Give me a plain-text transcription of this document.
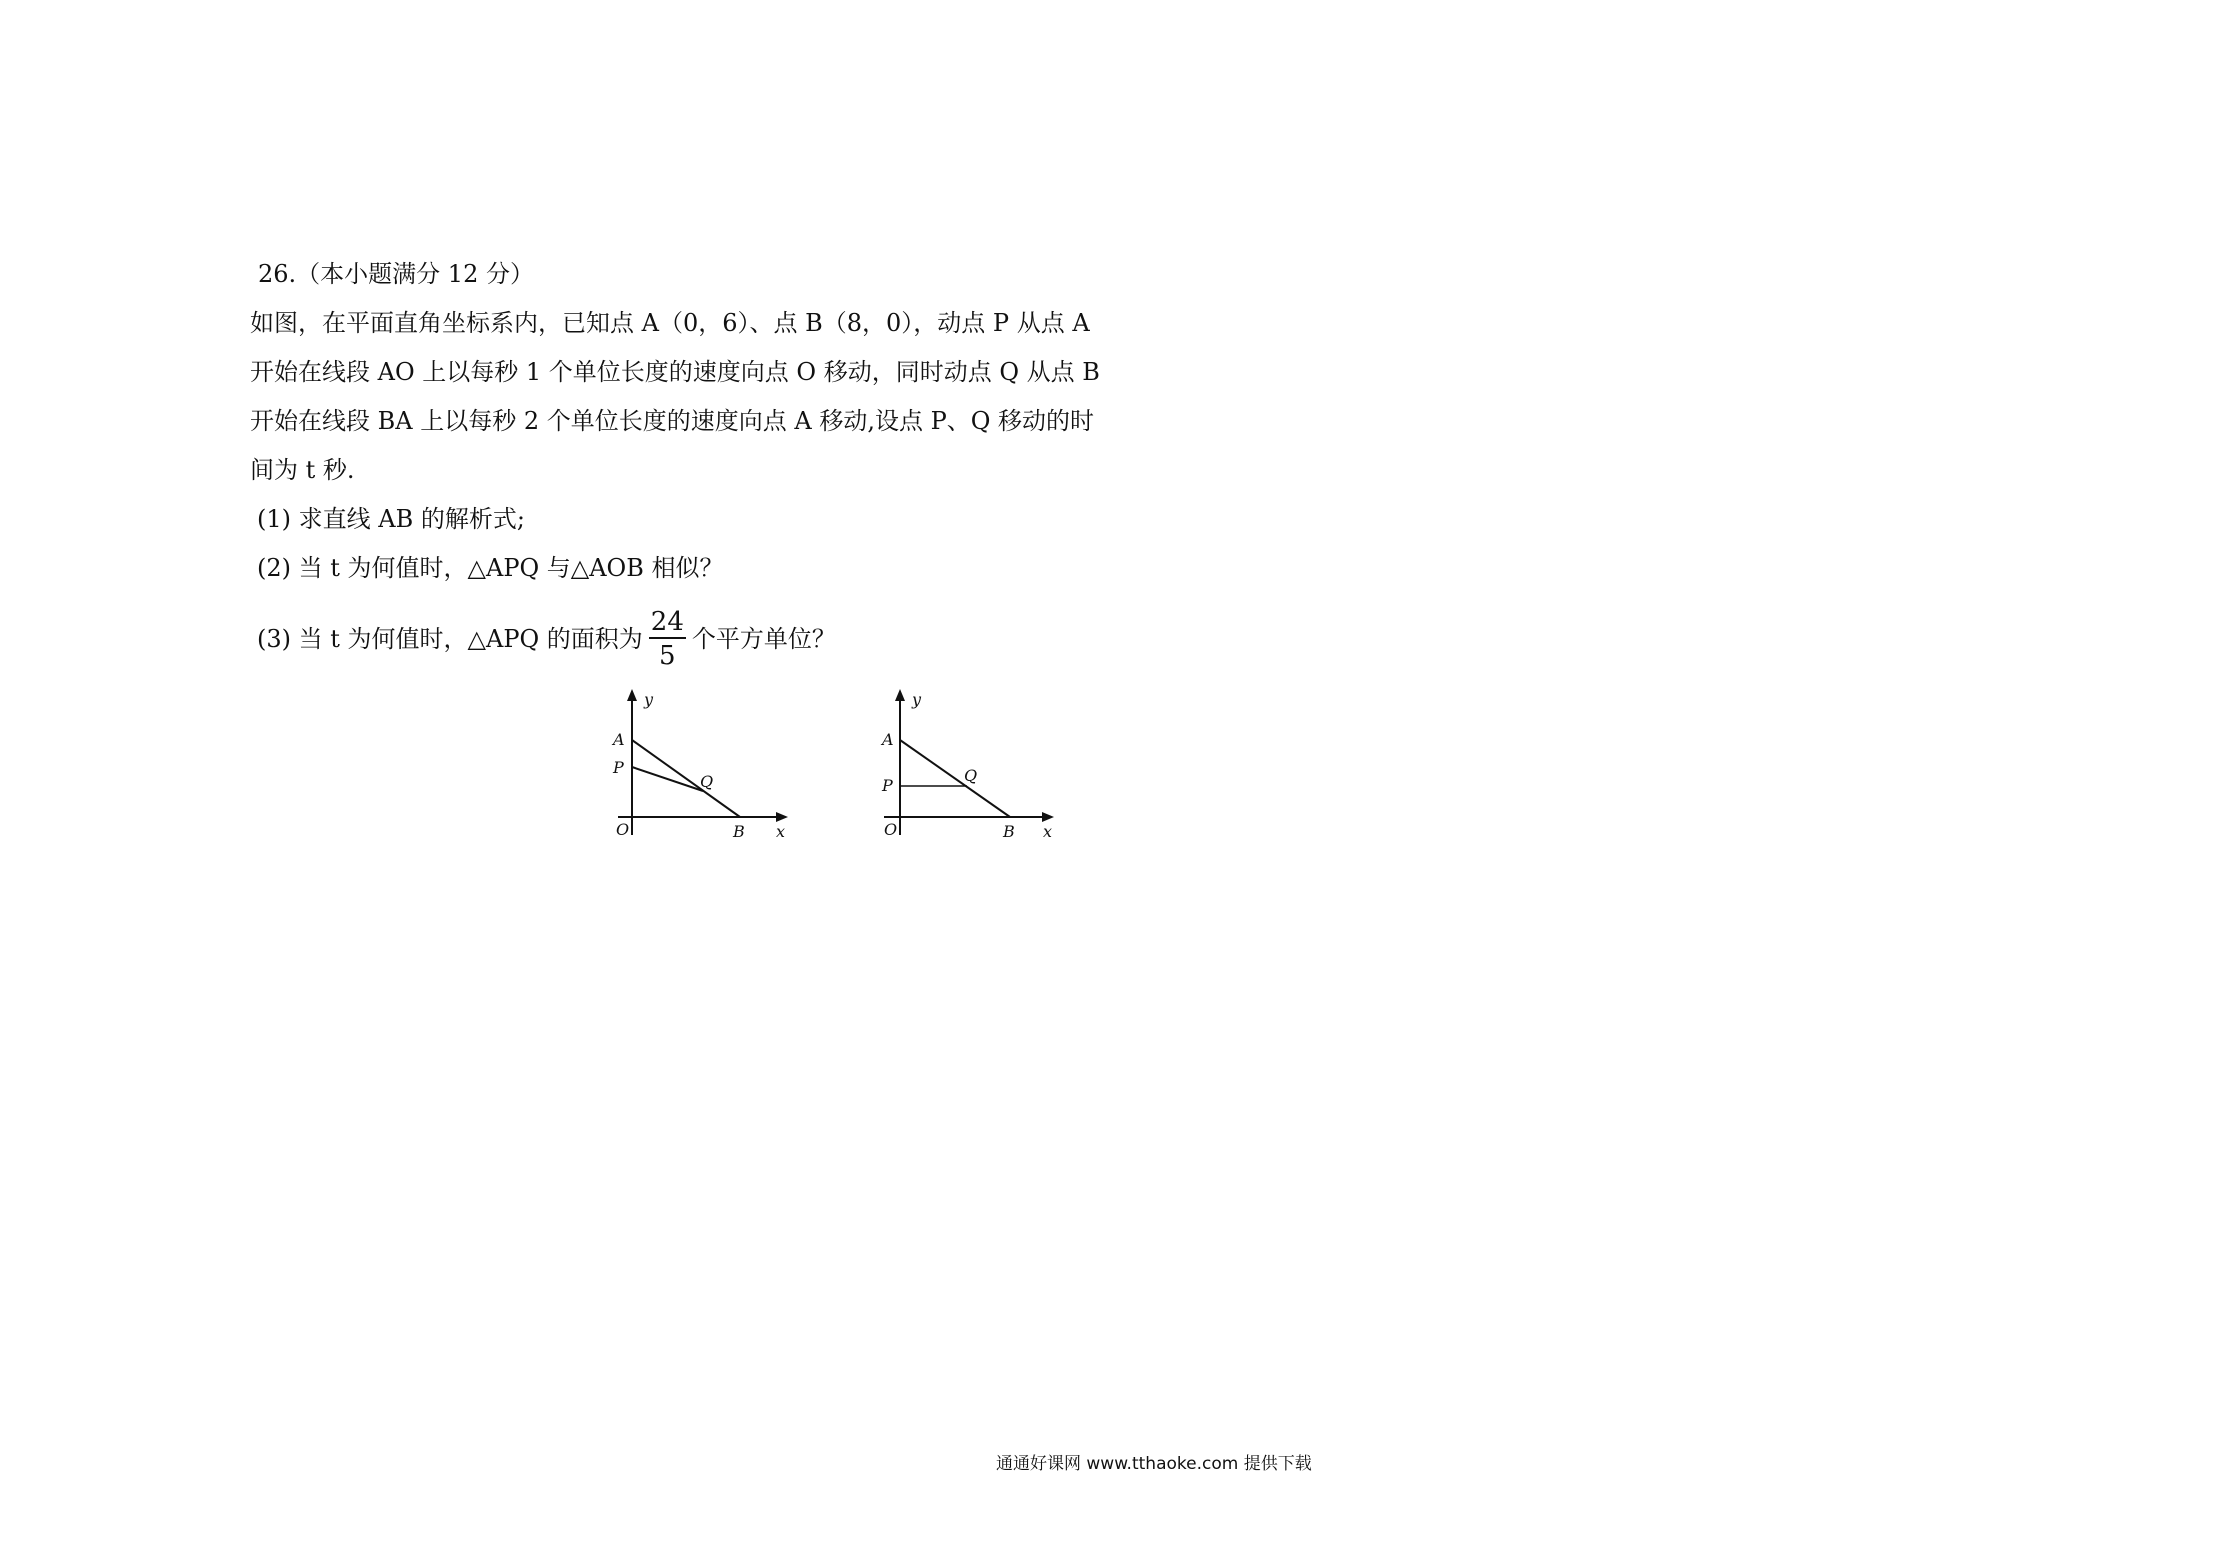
26.（本小题满分 12 分）
如图，在平面直角坐标系内，已知点 A（0，6）、点 B（8，0），动点 P 从点 A
开始在线段 AO 上以每秒 1 个单位长度的速度向点 O 移动，同时动点 Q 从点 B
开始在线段 BA 上以每秒 2 个单位长度的速度向点 A 移动,设点 P、Q 移动的时
间为 t 秒.
(1) 求直线 AB 的解析式;
(2) 当 t 为何值时，△APQ 与△AOB 相似？
(3) 当 t 为何值时，△APQ 的面积为 $\frac{24}{5}$ 个平方单位？
y
A
P
Q
O	B x
y
A
P
Q
O	B x
通通好课网 www.tthaoke.com 提供下载
